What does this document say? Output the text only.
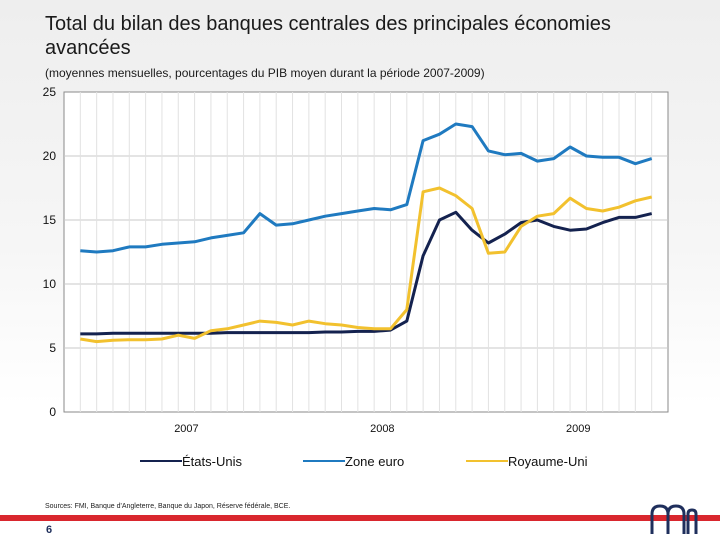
Total du bilan des banques centrales des principales économies avancées
(moyennes mensuelles, pourcentages du PIB moyen durant la période 2007-2009)
0
5
10
15
20
25
2007	2008	2009
États-Unis	Zone euro	Royaume-Uni
Sources: FMI, Banque d'Angleterre, Banque du Japon, Réserve fédérale, BCE.
6
